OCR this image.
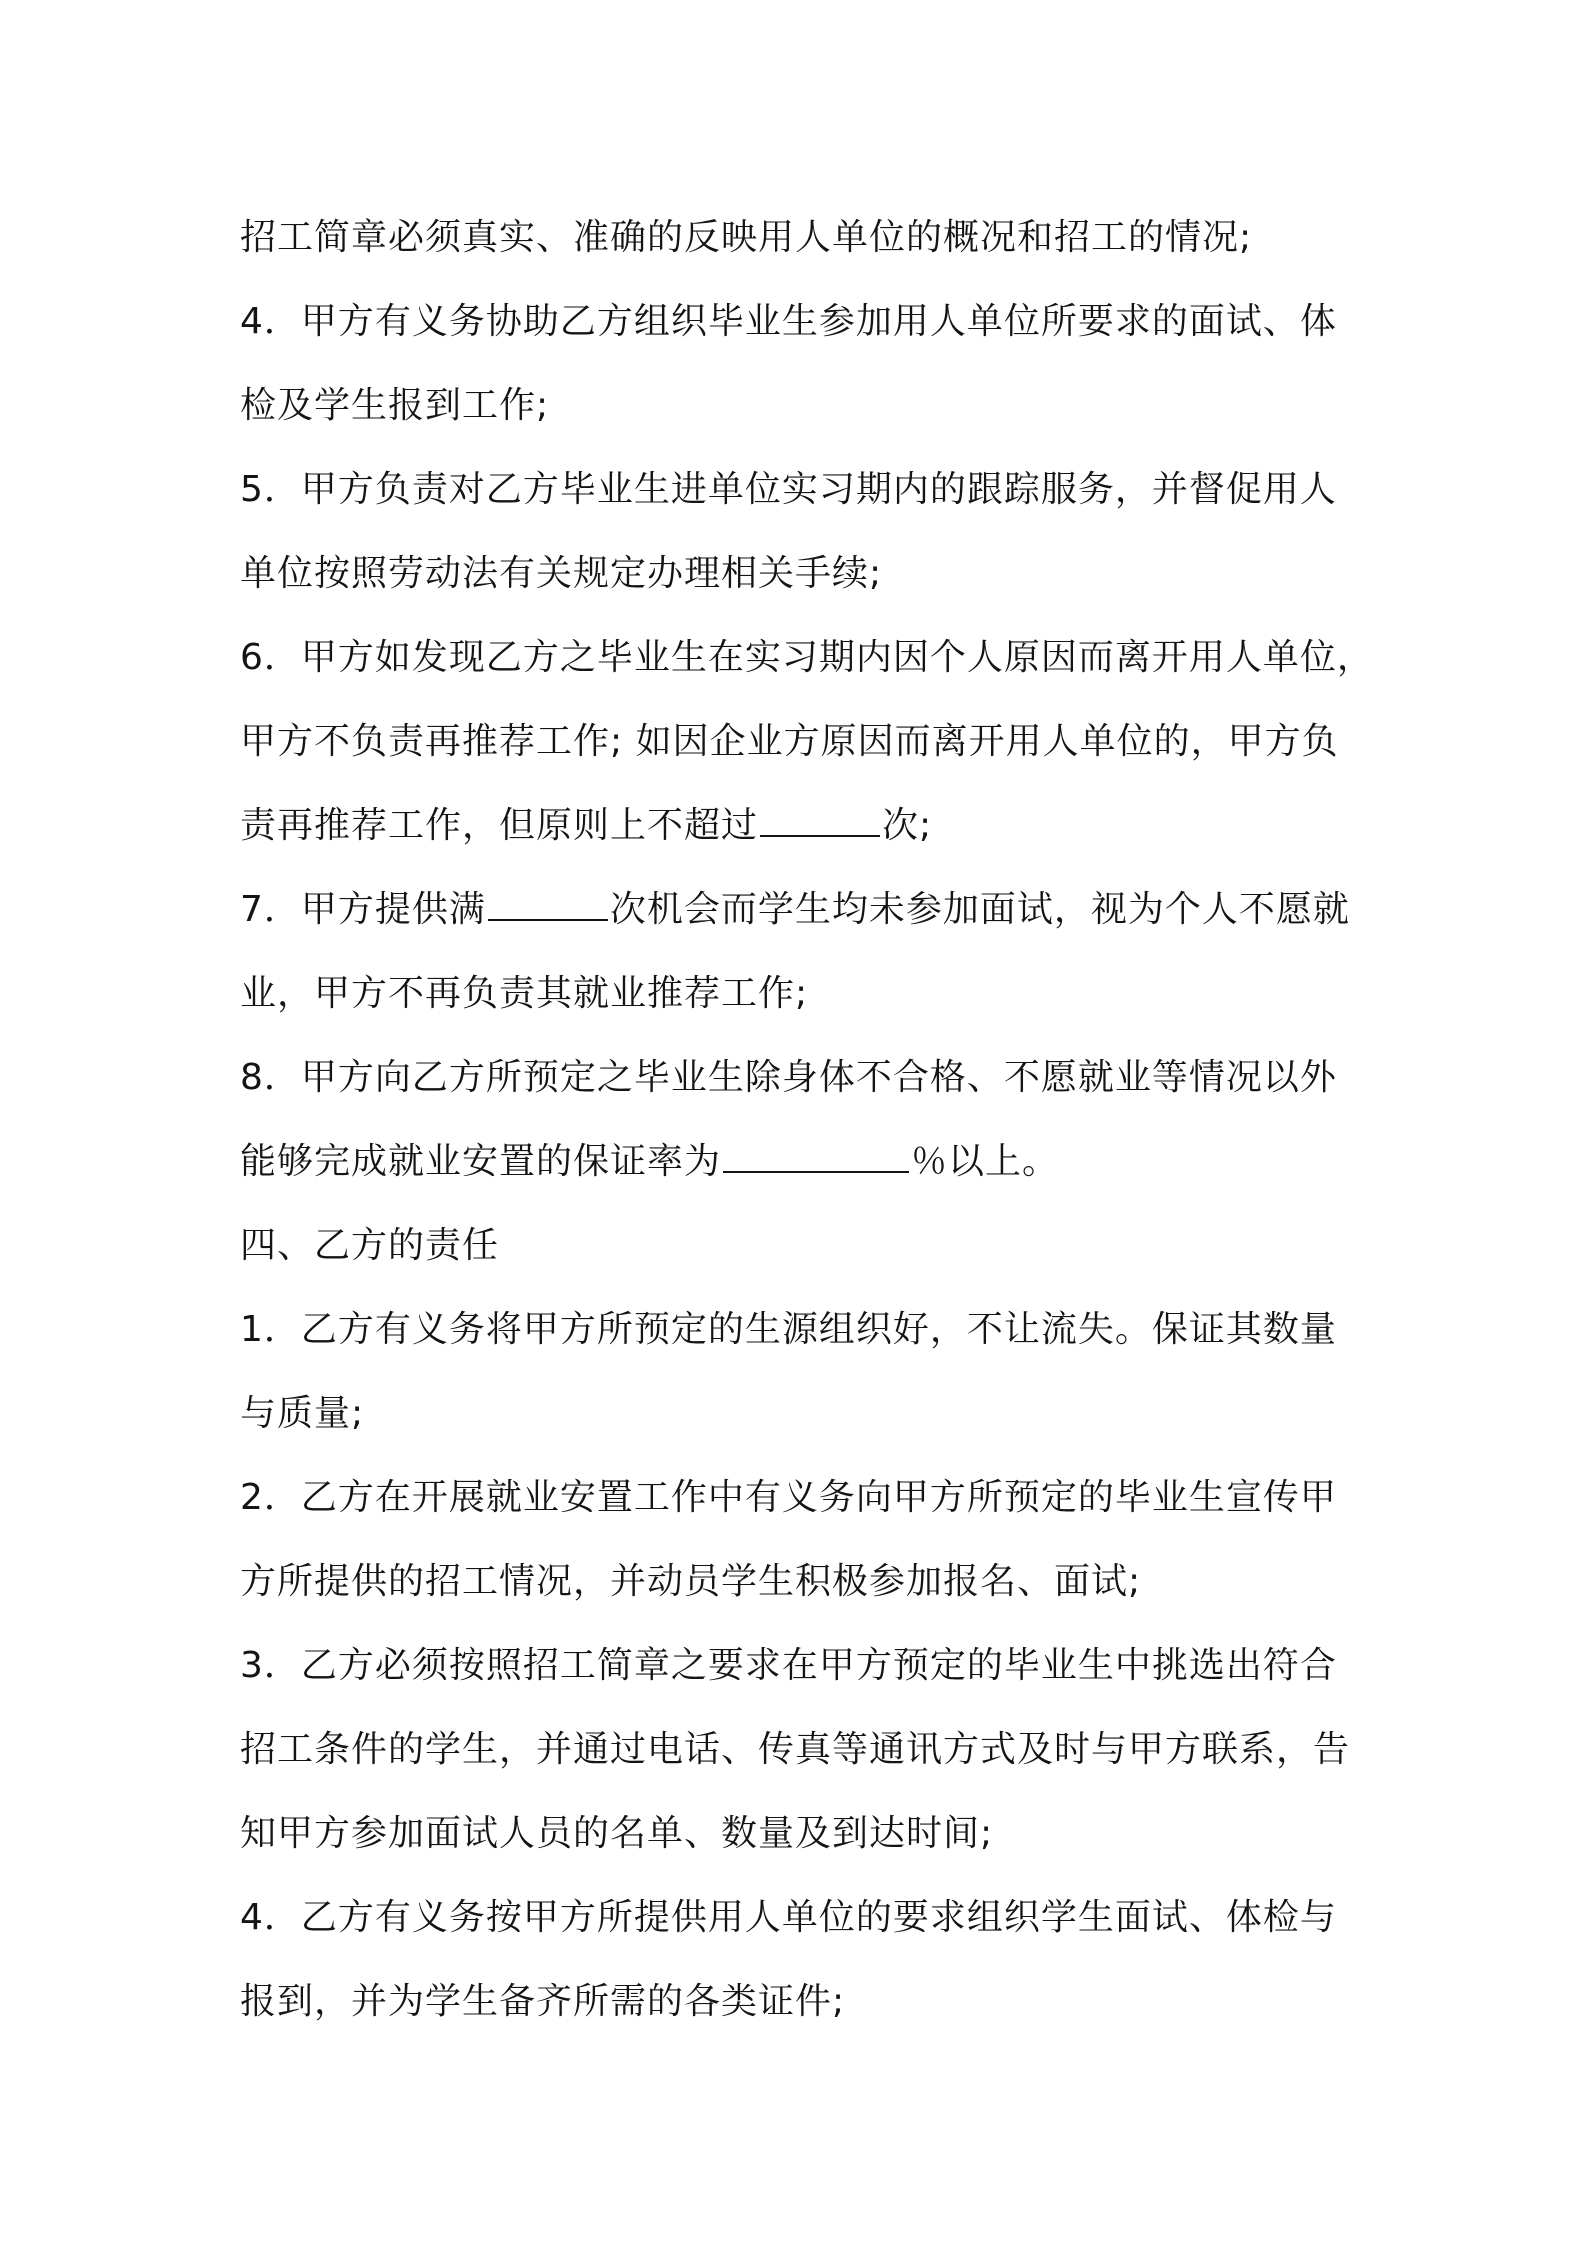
招工简章必须真实、准确的反映用人单位的概况和招工的情况;
4．甲方有义务协助乙方组织毕业生参加用人单位所要求的面试、体
检及学生报到工作;
5．甲方负责对乙方毕业生进单位实习期内的跟踪服务，并督促用人
单位按照劳动法有关规定办理相关手续;
6．甲方如发现乙方之毕业生在实习期内因个人原因而离开用人单位，
甲方不负责再推荐工作; 如因企业方原因而离开用人单位的，甲方负
责再推荐工作，但原则上不超过	次;
7．甲方提供满	次机会而学生均未参加面试，视为个人不愿就
业，甲方不再负责其就业推荐工作;
8．甲方向乙方所预定之毕业生除身体不合格、不愿就业等情况以外
能够完成就业安置的保证率为	％以上。
四、乙方的责任
1．乙方有义务将甲方所预定的生源组织好，不让流失。保证其数量
与质量;
2．乙方在开展就业安置工作中有义务向甲方所预定的毕业生宣传甲
方所提供的招工情况，并动员学生积极参加报名、面试;
3．乙方必须按照招工简章之要求在甲方预定的毕业生中挑选出符合
招工条件的学生，并通过电话、传真等通讯方式及时与甲方联系，告
知甲方参加面试人员的名单、数量及到达时间;
4．乙方有义务按甲方所提供用人单位的要求组织学生面试、体检与
报到，并为学生备齐所需的各类证件;
